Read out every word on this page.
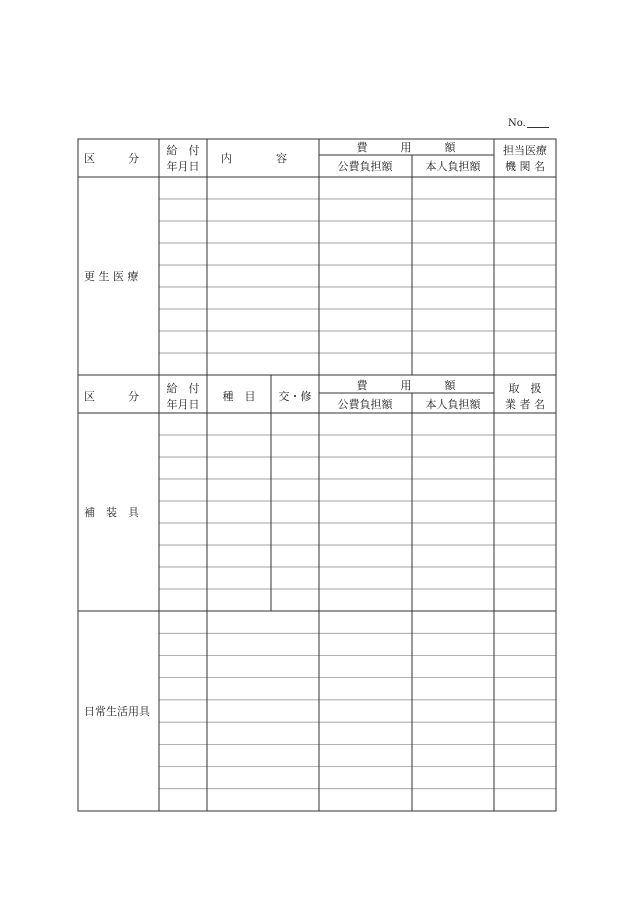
No.
区　　　分
給　付
年月日
内　　　　容
費　　　用　　　額
公費負担額	本人負担額
担当医療
機 関 名
更 生 医 療
区　　　分
給　付
年月日
種　目 交・修
費　　　用　　　額
公費負担額	本人負担額
取　扱
業 者 名
補　装　具
日常生活用具
